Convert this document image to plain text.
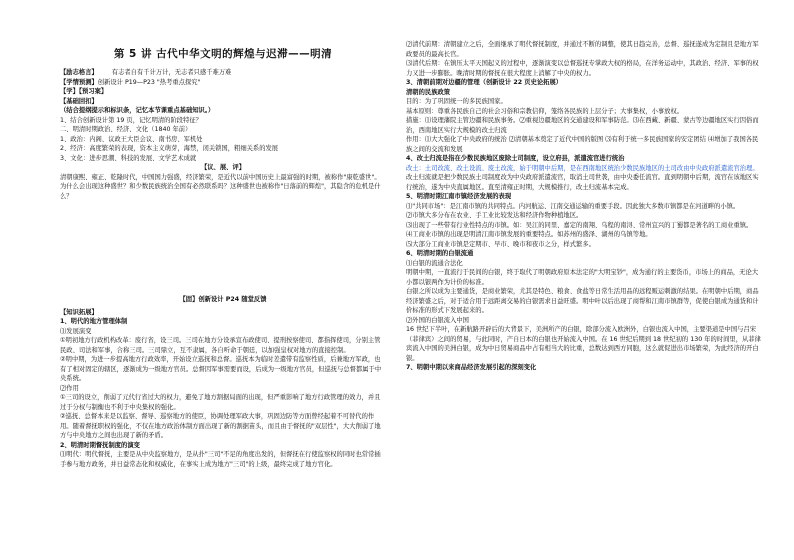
第 5 讲 古代中华文明的辉煌与迟滞——明清

【励志格言】 有志者自有千计万计，无志者只感千难万难

【学情预测】创新设计 P19—P23 "热考重点探究"

【学】【预习案】

【基础回扣】

（结合提纲提示和标识条，记忆本节课重点基础知识。）

1、结合创新设计第 19 页，记忆明清的阶段特征？

二、明清时期政治、经济、文化（1840 年前）

1、政治：内阁、议政王大臣会议、南书房、军机处

2、经济：高度繁荣的表现，资本主义萌芽，海禁，闭关锁国，粗细关系的发展

3、文化：进步思潮、科技的发展、文学艺术成就

【议、展、评】

清朝康熙、雍正、乾隆时代，中国国力强盛，经济繁荣，是近代以前中国历史上最富强的时期，被称作"康乾盛世"。为什么会出现这种盛世？和少数民族统治全国有必然联系吗？这种盛世也被称作"日落前的辉煌"，其隐含的危机是什么？

【固】创新设计 P24 随堂反馈

【知识拓展】

1、明代的地方管理体制

⑴发展演变

①明初地方行政机构改革：废行省，设三司。三司在地方分设承宣布政使司、提刑按察使司、都指挥使司，分别主管民政、司法和军事，合称三司。三司鼎立，互不隶属，各自听命于朝廷，以加强皇权对地方的直接控制。

②明中期，为进一步提高地方行政效率，开始设立巡抚和总督。巡抚本为临时差遣带有监察性质，后兼地方军政，也有了相对固定的辖区，逐渐成为一级地方官员。总督因军事需要而设，后成为一级地方官员，但巡抚与总督都属于中央系统。

⑵作用

①三司的设立，削弱了元代行省过大的权力，避免了地方割据局面的出现，但严重影响了地方行政管理的效力，并且过于分权与制衡也不利于中央集权的强化。

②巡抚、总督本来是以监察、督导、巡察地方的使臣，协调处理军政大事，巩固边防等方面曾经起着不可替代的作用。随着督抚职权的强化，不仅在地方政治体制方面出现了新的割据苗头，而且由于督抚的"双层性"，大大削弱了地方与中央地方之间也出现了新的矛盾。

2、明清时期督抚制度的演变

⑴明代：明代督抚，主要是从中央监察地方，是从扑"三司"不足的角度出发的，但督抚在行使监察权的同时也常常插手参与地方政务，并日益常态化和权威化，在事实上成为地方"三司"的上级，最终完成了地方官化。

⑵清代前期：清朝建立之后，全面继承了明代督抚制度，并通过不断的调整，使其日趋完善，总督、巡抚遂成为定制且是地方军政要员的最高长官。

⑶清代后期：在镇压太平天国起义的过程中，逐渐演变以总督巡抚专掌政大权的格局，在洋务运动中，其政治、经济、军事的权力又进一步膨胀。晚清时期的督抚在很大程度上消解了中央的权力。

3、清朝前期对边疆的管理（创新设计 22 页史论拓展）

清朝的民族政策

目的：为了巩固统一的多民族国家。

基本原则：尊重各民族自己的社会习俗和宗教信仰，笼络各民族的上层分子；大事集权，小事放权。

措施：⑴设理藩院主管边疆和民族事务。⑵重视边疆地区的交通建设和军事防范。⑶在西藏、新疆、蒙古等边疆地区实行因俗而治，西南地区实行大规模的改土归流

作用：⑴大大强化了中央政府的统治 ⑵清朝基本奠定了近代中国的版图 ⑶有利于统一多民族国家的安定团结 ⑷增加了我国各民族之间的交流和发展

4、改土归流是指在少数民族地区废除土司制度，设立府县，派遣流官进行统治

改土：土司改流、改土设流、废土改流，始于明朝中后期，是在西南地区统治少数民族地区的土司改由中央政府派遣流官治理。

改土归流就是把少数民族土司制度改为中央政府派遣流官，取消土司世袭，由中央委任流官。直到明朝中后期，流官在该地区实行统治，遂为中央直属地区。直至清雍正时期，大规模推行，改土归流基本完成。

5、明清时期江南市镇经济发展的表现

⑴"共同市场"：是江南市镇的共同特点。内河航运、江南交通运输的重要手段。因此独大多数市镇都是在河道畔的小镇。

⑵市镇大多分布在农业、手工业比较发达和经济作物种植地区。

⑶出现了一些带有行业性特点的市镇。如：吴江的同里、嘉定的南翔、乌程的南浔、常州宜兴的丁蜀都是著名的工商业重镇。

⑷工商业市镇的出现是明清江南市镇发展的重要特点。如苏州的盛泽、湖州的乌镇等地。

⑸大部分工商业市镇是定期市、早市、晚市和夜市之分，样式繁多。

6、明清时期的白银流通

⑴白银的流通合法化

明朝中期，一直流行于民间的白银，终于取代了明朝政府原本法定的"大明宝钞"，成为通行的主要货币，市场上的商品，无论大小都以银两作为计价的标准。

白银之所以成为主要通货，是商业繁荣，尤其是特色、粮食、食盐等日常生活用品的远程贩运刺激的结果。在明朝中后期，商品经济繁盛之后，对于适合用于远距离交易的白银需求日益旺盛。明中叶以后出现了商帮和江南市镇群等，促使白银成为通货和计价标准的形式下发展起来的。

⑵外国的白银流入中国

16 世纪下半叶，在新航路开辟后的大背景下，美洲所产的白银，除部分流入欧洲外，白银也流入中国，主要渠道是中国与吕宋（菲律宾）之间的贸易，与此同时，产自日本的白银也开始流入中国。在 16 世纪后期到 18 世纪初的 130 年的时间里，从菲律宾流入中国的美洲白银，成为中日贸易商品中占有相当大的比重，总数达到西方同胞，这么就促进出市场繁荣，为此经济的开白银。

7、明朝中期以来商品经济发展引起的深刻变化
